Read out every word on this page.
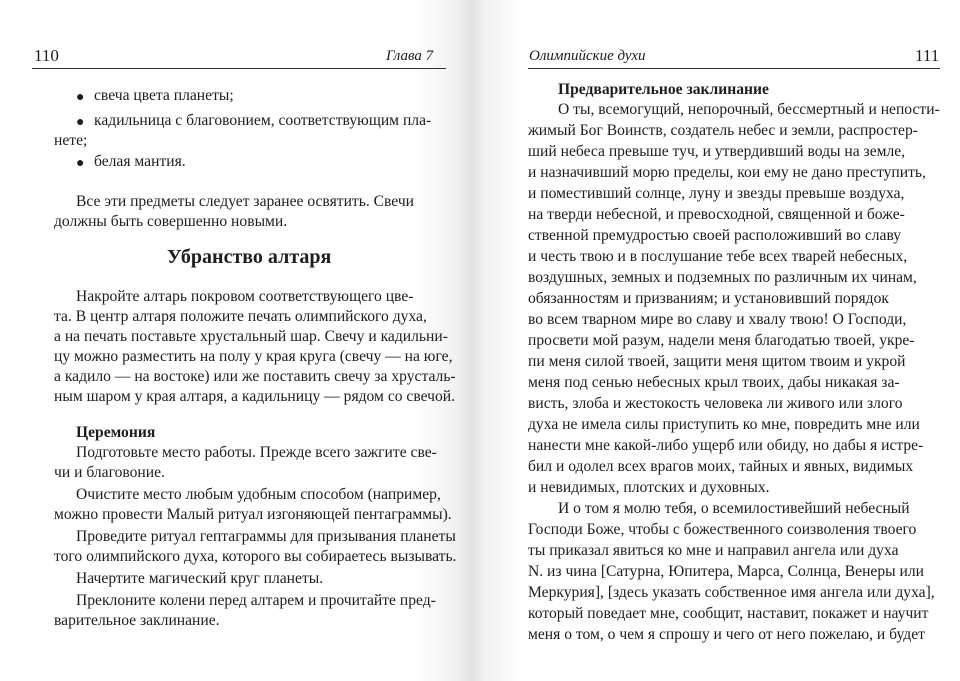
110	Глава 7
● свеча цвета планеты;
● кадильница с благовонием, соответствующим пла-
нете;
● белая мантия.
Все эти предметы следует заранее освятить. Свечи
должны быть совершенно новыми.
Убранство алтаря
Накройте алтарь покровом соответствующего цве-
та. В центр алтаря положите печать олимпийского духа,
а на печать поставьте хрустальный шар. Свечу и кадильни-
цу можно разместить на полу у края круга (свечу — на юге,
а кадило — на востоке) или же поставить свечу за хрусталь-
ным шаром у края алтаря, а кадильницу — рядом со свечой.
Церемония
Подготовьте место работы. Прежде всего зажгите све-
чи и благовоние.
Очистите место любым удобным способом (например,
можно провести Малый ритуал изгоняющей пентаграммы).
Проведите ритуал гептаграммы для призывания планеты
того олимпийского духа, которого вы собираетесь вызывать.
Начертите магический круг планеты.
Преклоните колени перед алтарем и прочитайте пред-
варительное заклинание.
Олимпийские духи	111
Предварительное заклинание
О ты, всемогущий, непорочный, бессмертный и непости-
жимый Бог Воинств, создатель небес и земли, распростер-
ший небеса превыше туч, и утвердивший воды на земле,
и назначивший морю пределы, кои ему не дано преступить,
и поместивший солнце, луну и звезды превыше воздуха,
на тверди небесной, и превосходной, священной и боже-
ственной премудростью своей расположивший во славу
и честь твою и в послушание тебе всех тварей небесных,
воздушных, земных и подземных по различным их чинам,
обязанностям и призваниям; и установивший порядок
во всем тварном мире во славу и хвалу твою! О Господи,
просвети мой разум, надели меня благодатью твоей, укре-
пи меня силой твоей, защити меня щитом твоим и укрой
меня под сенью небесных крыл твоих, дабы никакая за-
висть, злоба и жестокость человека ли живого или злого
духа не имела силы приступить ко мне, повредить мне или
нанести мне какой-либо ущерб или обиду, но дабы я истре-
бил и одолел всех врагов моих, тайных и явных, видимых
и невидимых, плотских и духовных.
И о том я молю тебя, о всемилостивейший небесный
Господи Боже, чтобы с божественного соизволения твоего
ты приказал явиться ко мне и направил ангела или духа
N. из чина [Сатурна, Юпитера, Марса, Солнца, Венеры или
Меркурия], [здесь указать собственное имя ангела или духа],
который поведает мне, сообщит, наставит, покажет и научит
меня о том, о чем я спрошу и чего от него пожелаю, и будет
